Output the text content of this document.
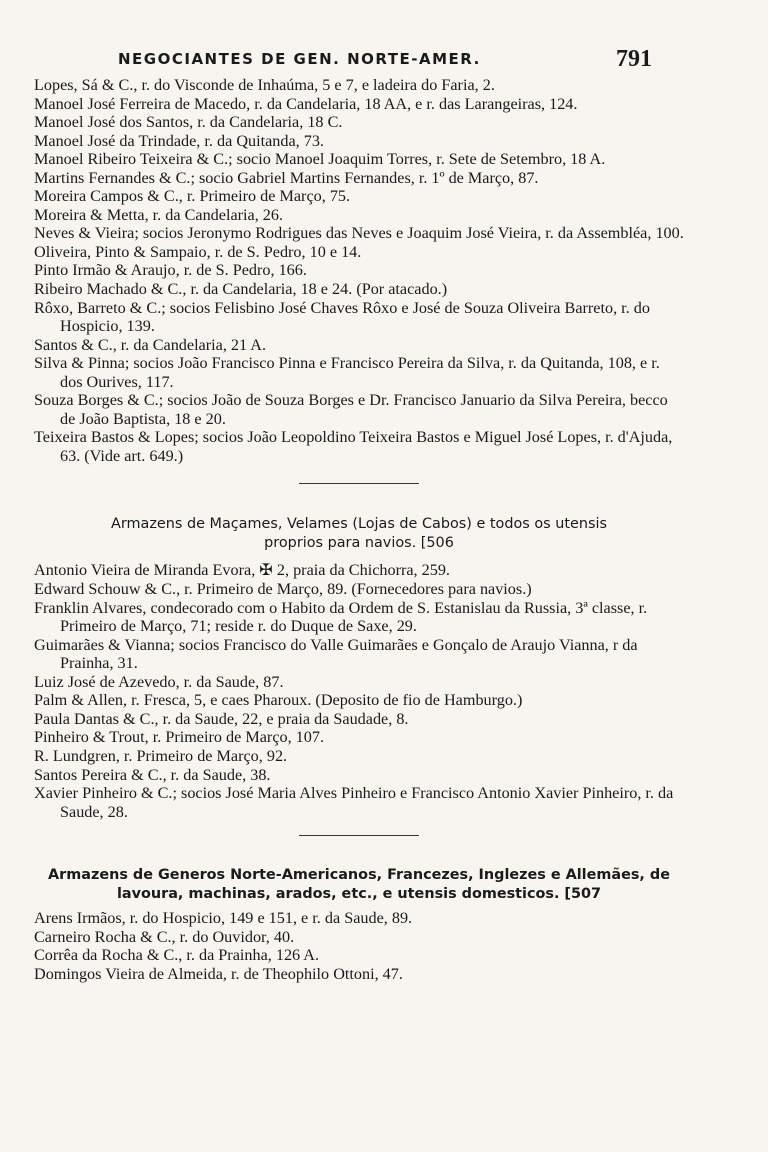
NEGOCIANTES DE GEN. NORTE-AMER.	791

Lopes, Sá & C., r. do Visconde de Inhaúma, 5 e 7, e ladeira do Faria, 2.

Manoel José Ferreira de Macedo, r. da Candelaria, 18 AA, e r. das Larangeiras, 124.

Manoel José dos Santos, r. da Candelaria, 18 C.

Manoel José da Trindade, r. da Quitanda, 73.

Manoel Ribeiro Teixeira & C.; socio Manoel Joaquim Torres, r. Sete de Setembro, 18 A.

Martins Fernandes & C.; socio Gabriel Martins Fernandes, r. 1º de Março, 87.

Moreira Campos & C., r. Primeiro de Março, 75.

Moreira & Metta, r. da Candelaria, 26.

Neves & Vieira; socios Jeronymo Rodrigues das Neves e Joaquim José Vieira, r. da Assembléa, 100.

Oliveira, Pinto & Sampaio, r. de S. Pedro, 10 e 14.

Pinto Irmão & Araujo, r. de S. Pedro, 166.

Ribeiro Machado & C., r. da Candelaria, 18 e 24. (Por atacado.)

Rôxo, Barreto & C.; socios Felisbino José Chaves Rôxo e José de Souza Oliveira Barreto, r. do Hospicio, 139.

Santos & C., r. da Candelaria, 21 A.

Silva & Pinna; socios João Francisco Pinna e Francisco Pereira da Silva, r. da Quitanda, 108, e r. dos Ourives, 117.

Souza Borges & C.; socios João de Souza Borges e Dr. Francisco Januario da Silva Pereira, becco de João Baptista, 18 e 20.

Teixeira Bastos & Lopes; socios João Leopoldino Teixeira Bastos e Miguel José Lopes, r. d'Ajuda, 63. (Vide art. 649.)

Armazens de Maçames, Velames (Lojas de Cabos) e todos os utensis
proprios para navios. [506

Antonio Vieira de Miranda Evora, ✠ 2, praia da Chichorra, 259.

Edward Schouw & C., r. Primeiro de Março, 89. (Fornecedores para navios.)

Franklin Alvares, condecorado com o Habito da Ordem de S. Estanislau da Russia, 3ª classe, r. Primeiro de Março, 71; reside r. do Duque de Saxe, 29.

Guimarães & Vianna; socios Francisco do Valle Guimarães e Gonçalo de Araujo Vianna, r da Prainha, 31.

Luiz José de Azevedo, r. da Saude, 87.

Palm & Allen, r. Fresca, 5, e caes Pharoux. (Deposito de fio de Hamburgo.)

Paula Dantas & C., r. da Saude, 22, e praia da Saudade, 8.

Pinheiro & Trout, r. Primeiro de Março, 107.

R. Lundgren, r. Primeiro de Março, 92.

Santos Pereira & C., r. da Saude, 38.

Xavier Pinheiro & C.; socios José Maria Alves Pinheiro e Francisco Antonio Xavier Pinheiro, r. da Saude, 28.

Armazens de Generos Norte-Americanos, Francezes, Inglezes e Allemães, de
lavoura, machinas, arados, etc., e utensis domesticos. [507

Arens Irmãos, r. do Hospicio, 149 e 151, e r. da Saude, 89.

Carneiro Rocha & C., r. do Ouvidor, 40.

Corrêa da Rocha & C., r. da Prainha, 126 A.

Domingos Vieira de Almeida, r. de Theophilo Ottoni, 47.
